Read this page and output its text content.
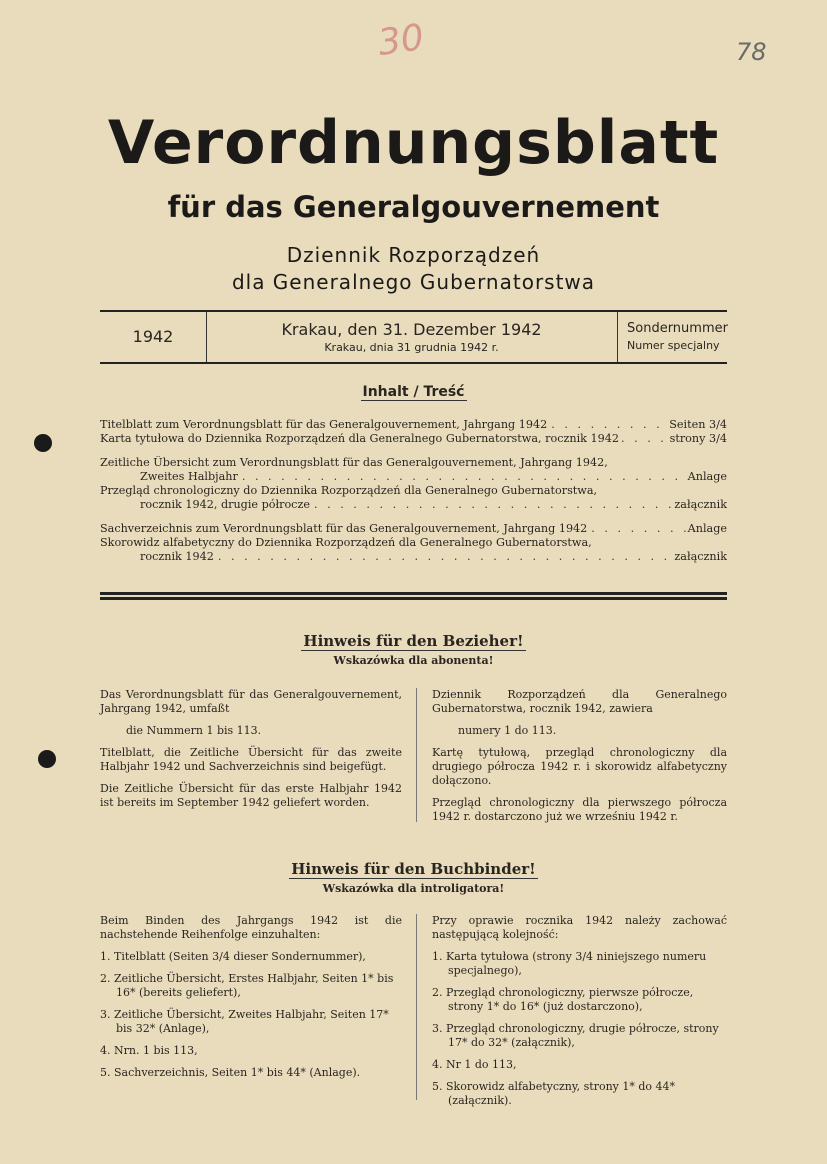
30	78
Verordnungsblatt
für das Generalgouvernement
Dziennik Rozporządzeń
dla Generalnego Gubernatorstwa
1942	Krakau, den 31. Dezember 1942
Krakau, dnia 31 grudnia 1942 r.
Sondernummer
Numer specjalny
Inhalt / Treść
Titelblatt zum Verordnungsblatt für das Generalgouvernement, Jahrgang 1942 . . .	Seiten 3/4
Karta tytułowa do Dziennika Rozporządzeń dla Generalnego Gubernatorstwa, rocznik 1942 . . .	strony 3/4
Zeitliche Übersicht zum Verordnungsblatt für das Generalgouvernement, Jahrgang 1942,
Zweites Halbjahr . . .	Anlage
Przegląd chronologiczny do Dziennika Rozporządzeń dla Generalnego Gubernatorstwa,
rocznik 1942, drugie półrocze . . .	załącznik
Sachverzeichnis zum Verordnungsblatt für das Generalgouvernement, Jahrgang 1942 . . .	Anlage
Skorowidz alfabetyczny do Dziennika Rozporządzeń dla Generalnego Gubernatorstwa,
rocznik 1942 . . .	załącznik
Hinweis für den Bezieher!
Wskazówka dla abonenta!

Das Verordnungsblatt für das Generalgouvernement, Jahrgang 1942, umfaßt

die Nummern 1 bis 113.

Titelblatt, die Zeitliche Übersicht für das zweite Halbjahr 1942 und Sachverzeichnis sind beigefügt.

Die Zeitliche Übersicht für das erste Halbjahr 1942 ist bereits im September 1942 geliefert worden.

Dziennik Rozporządzeń dla Generalnego Gubernatorstwa, rocznik 1942, zawiera

numery 1 do 113.

Kartę tytułową, przegląd chronologiczny dla drugiego półrocza 1942 r. i skorowidz alfabetyczny dołączono.

Przegląd chronologiczny dla pierwszego półrocza 1942 r. dostarczono już we wrześniu 1942 r.

Hinweis für den Buchbinder!
Wskazówka dla introligatora!

Beim Binden des Jahrgangs 1942 ist die nachstehende Reihenfolge einzuhalten:

1. Titelblatt (Seiten 3/4 dieser Sondernummer),
2. Zeitliche Übersicht, Erstes Halbjahr, Seiten 1* bis 16* (bereits geliefert),
3. Zeitliche Übersicht, Zweites Halbjahr, Seiten 17* bis 32* (Anlage),
4. Nrn. 1 bis 113,
5. Sachverzeichnis, Seiten 1* bis 44* (Anlage).

Przy oprawie rocznika 1942 należy zachować następującą kolejność:

1. Karta tytułowa (strony 3/4 niniejszego numeru specjalnego),
2. Przegląd chronologiczny, pierwsze półrocze, strony 1* do 16* (już dostarczono),
3. Przegląd chronologiczny, drugie półrocze, strony 17* do 32* (załącznik),
4. Nr 1 do 113,
5. Skorowidz alfabetyczny, strony 1* do 44* (załącznik).
